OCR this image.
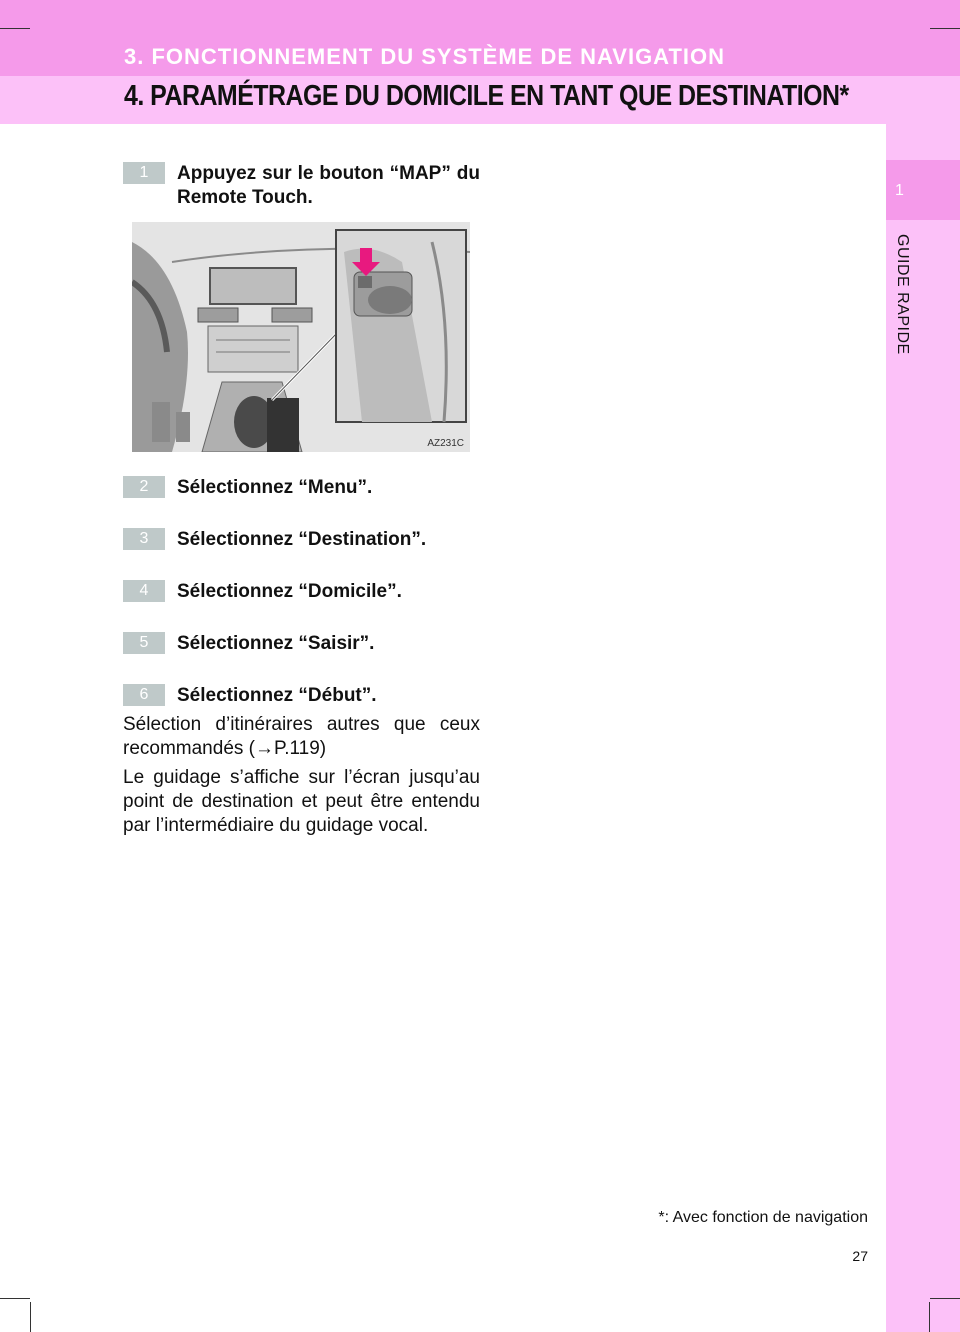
3. FONCTIONNEMENT DU SYSTÈME DE NAVIGATION
4. PARAMÉTRAGE DU DOMICILE EN TANT QUE DESTINATION*
1
GUIDE RAPIDE
1	Appuyez sur le bouton “MAP” du Remote Touch.
AZ231C
2	Sélectionnez “Menu”.
3	Sélectionnez “Destination”.
4	Sélectionnez “Domicile”.
5	Sélectionnez “Saisir”.
6	Sélectionnez “Début”.
Sélection d’itinéraires autres que ceux recommandés (→P.119)
Le guidage s’affiche sur l’écran jusqu’au point de destination et peut être entendu par l’intermédiaire du guidage vocal.
*: Avec fonction de navigation
27
